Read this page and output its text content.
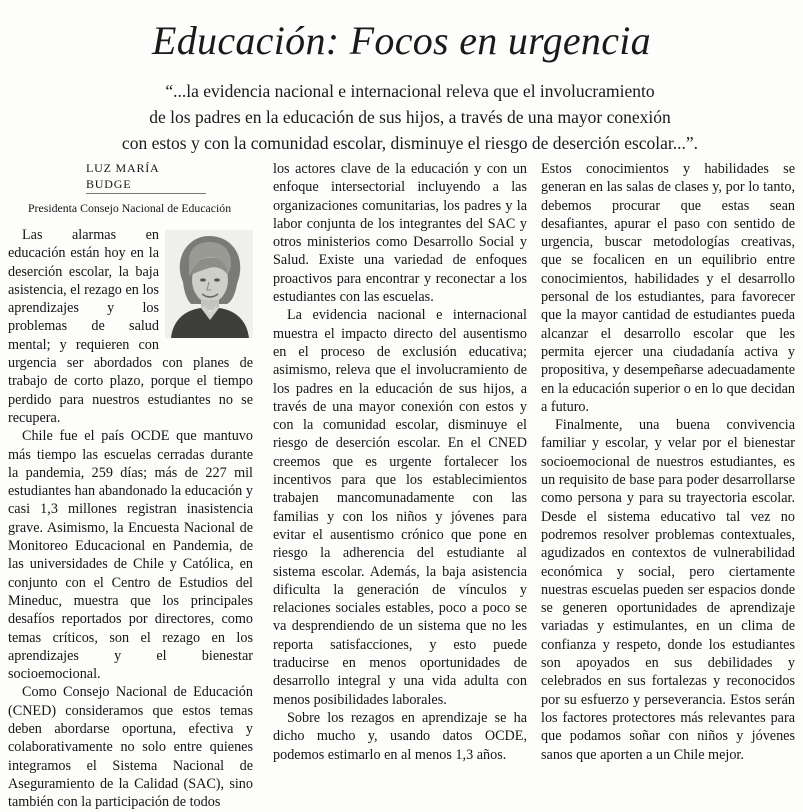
Educación: Focos en urgencia
“...la evidencia nacional e internacional releva que el involucramiento
de los padres en la educación de sus hijos, a través de una mayor conexión
con estos y con la comunidad escolar, disminuye el riesgo de deserción escolar...”.
LUZ MARÍA BUDGE
Presidenta Consejo Nacional de Educación

Las alarmas en educación están hoy en la deserción escolar, la baja asistencia, el rezago en los aprendizajes y los problemas de salud mental; y requieren con urgencia ser abordados con planes de trabajo de corto plazo, porque el tiempo perdido para nuestros estudiantes no se recupera.

Chile fue el país OCDE que mantuvo más tiempo las escuelas cerradas durante la pandemia, 259 días; más de 227 mil estudiantes han abandonado la educación y casi 1,3 millones registran inasistencia grave. Asimismo, la Encuesta Nacional de Monitoreo Educacional en Pandemia, de las universidades de Chile y Católica, en conjunto con el Centro de Estudios del Mineduc, muestra que los principales desafíos reportados por directores, como temas críticos, son el rezago en los aprendizajes y el bienestar socioemocional.

Como Consejo Nacional de Educación (CNED) consideramos que estos temas deben abordarse oportuna, efectiva y colaborativamente no solo entre quienes integramos el Sistema Nacional de Aseguramiento de la Calidad (SAC), sino también con la participación de todos

los actores clave de la educación y con un enfoque intersectorial incluyendo a las organizaciones comunitarias, los padres y la labor conjunta de los integrantes del SAC y otros ministerios como Desarrollo Social y Salud. Existe una variedad de enfoques proactivos para encontrar y reconectar a los estudiantes con las escuelas.

La evidencia nacional e internacional muestra el impacto directo del ausentismo en el proceso de exclusión educativa; asimismo, releva que el involucramiento de los padres en la educación de sus hijos, a través de una mayor conexión con estos y con la comunidad escolar, disminuye el riesgo de deserción escolar. En el CNED creemos que es urgente fortalecer los incentivos para que los establecimientos trabajen mancomunadamente con las familias y con los niños y jóvenes para evitar el ausentismo crónico que pone en riesgo la adherencia del estudiante al sistema escolar. Además, la baja asistencia dificulta la generación de vínculos y relaciones sociales estables, poco a poco se va desprendiendo de un sistema que no les reporta satisfacciones, y esto puede traducirse en menos oportunidades de desarrollo integral y una vida adulta con menos posibilidades laborales.

Sobre los rezagos en aprendizaje se ha dicho mucho y, usando datos OCDE, podemos estimarlo en al menos 1,3 años.

Estos conocimientos y habilidades se generan en las salas de clases y, por lo tanto, debemos procurar que estas sean desafiantes, apurar el paso con sentido de urgencia, buscar metodologías creativas, que se focalicen en un equilibrio entre conocimientos, habilidades y el desarrollo personal de los estudiantes, para favorecer que la mayor cantidad de estudiantes pueda alcanzar el desarrollo escolar que les permita ejercer una ciudadanía activa y propositiva, y desempeñarse adecuadamente en la educación superior o en lo que decidan a futuro.

Finalmente, una buena convivencia familiar y escolar, y velar por el bienestar socioemocional de nuestros estudiantes, es un requisito de base para poder desarrollarse como persona y para su trayectoria escolar. Desde el sistema educativo tal vez no podremos resolver problemas contextuales, agudizados en contextos de vulnerabilidad económica y social, pero ciertamente nuestras escuelas pueden ser espacios donde se generen oportunidades de aprendizaje variadas y estimulantes, en un clima de confianza y respeto, donde los estudiantes son apoyados en sus debilidades y celebrados en sus fortalezas y reconocidos por su esfuerzo y perseverancia. Estos serán los factores protectores más relevantes para que podamos soñar con niños y jóvenes sanos que aporten a un Chile mejor.
